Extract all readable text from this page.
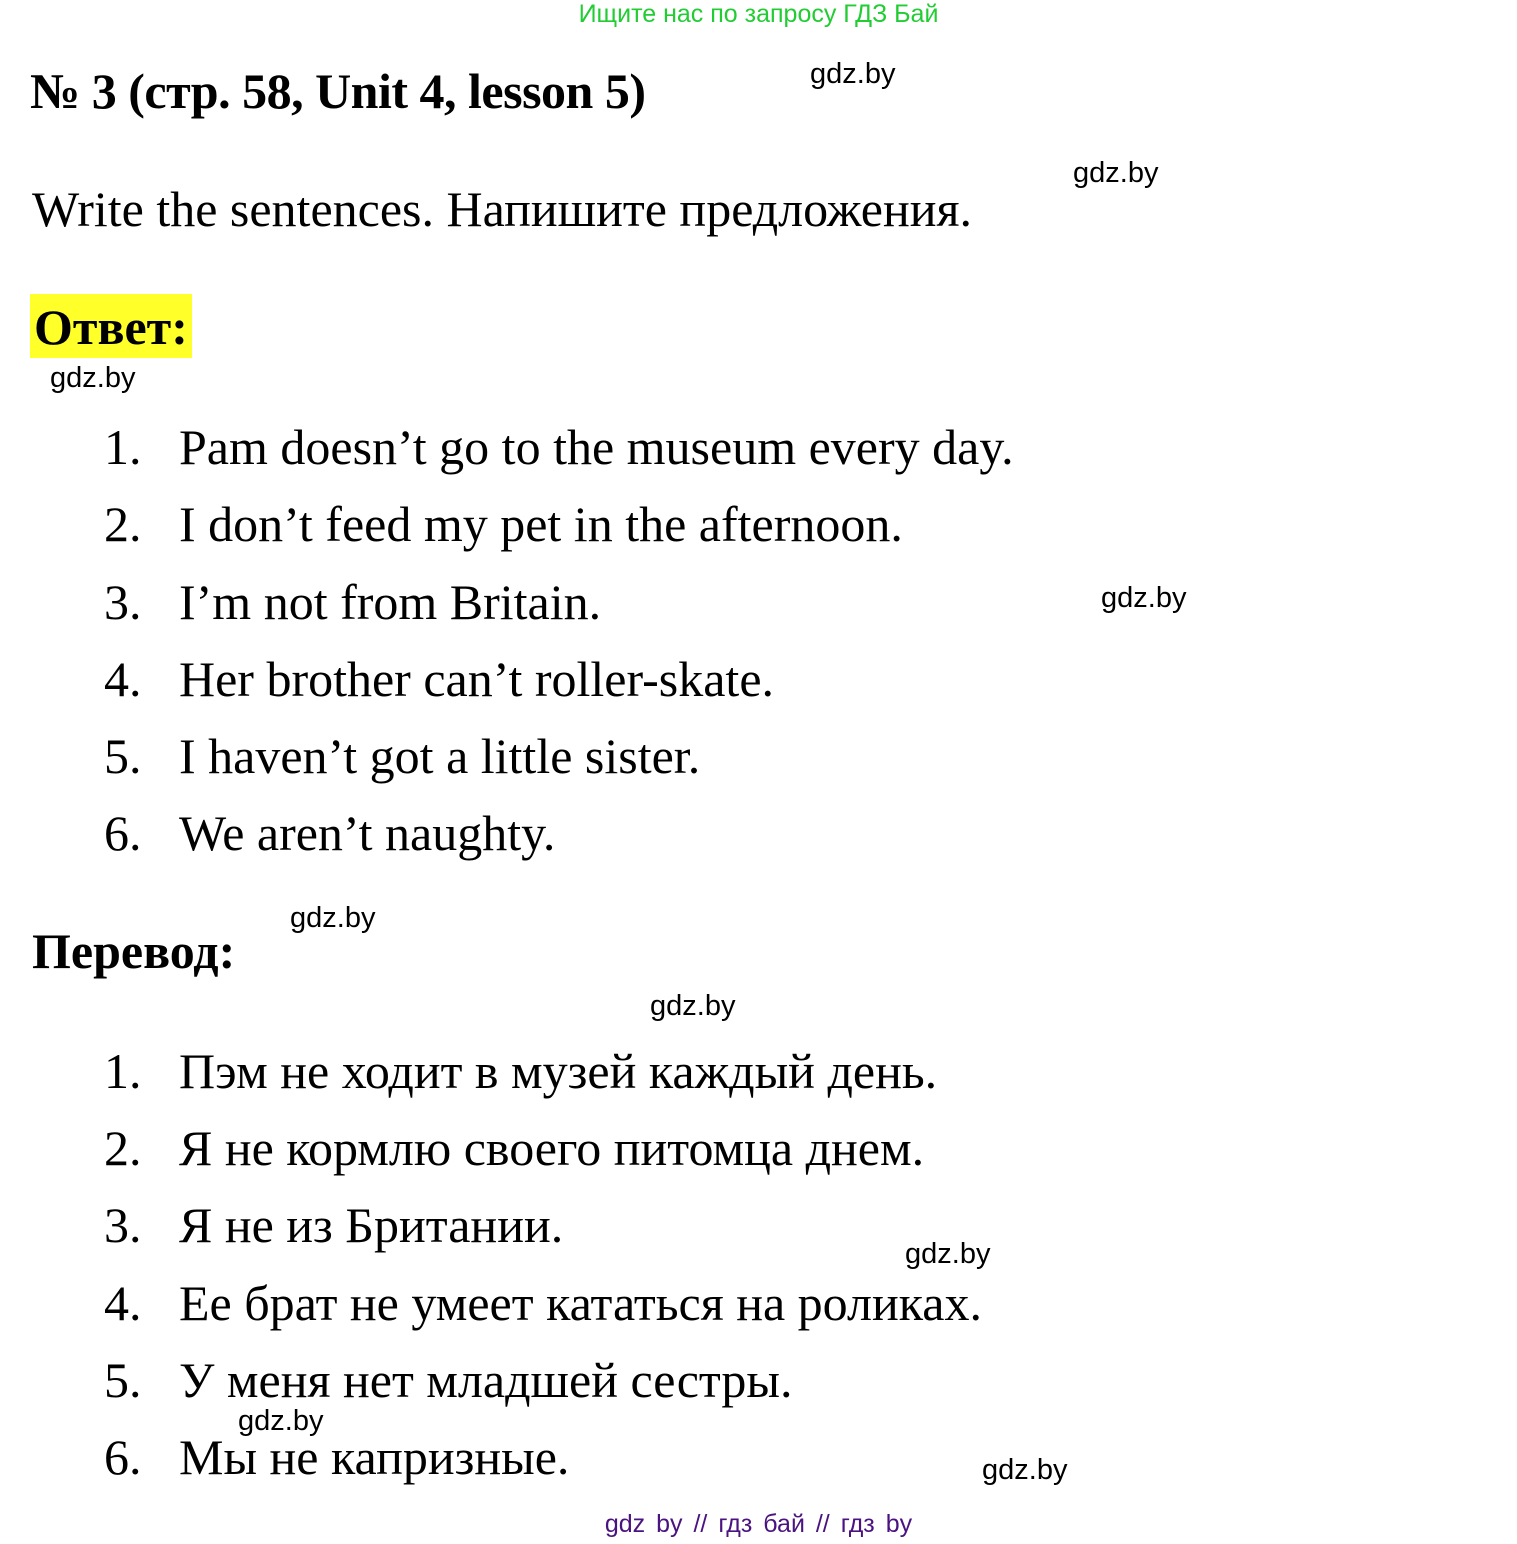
Ищите нас по запросу ГДЗ Бай
№ 3 (стр. 58, Unit 4, lesson 5)	gdz.by
gdz.by
Write the sentences. Напишите предложения.
Ответ:
gdz.by
1. Pam doesn’t go to the museum every day.
2. I don’t feed my pet in the afternoon.
3. I’m not from Britain.
4. Her brother can’t roller-skate.
5. I haven’t got a little sister.
6. We aren’t naughty.
gdz.by
gdz.by
Перевод:
gdz.by
1. Пэм не ходит в музей каждый день.
2. Я не кормлю своего питомца днем.
3. Я не из Британии.
4. Ее брат не умеет кататься на роликах.
5. У меня нет младшей сестры.
6. Мы не капризные.
gdz.by
gdz.by
gdz.by
gdz by // гдз бай // гдз by
